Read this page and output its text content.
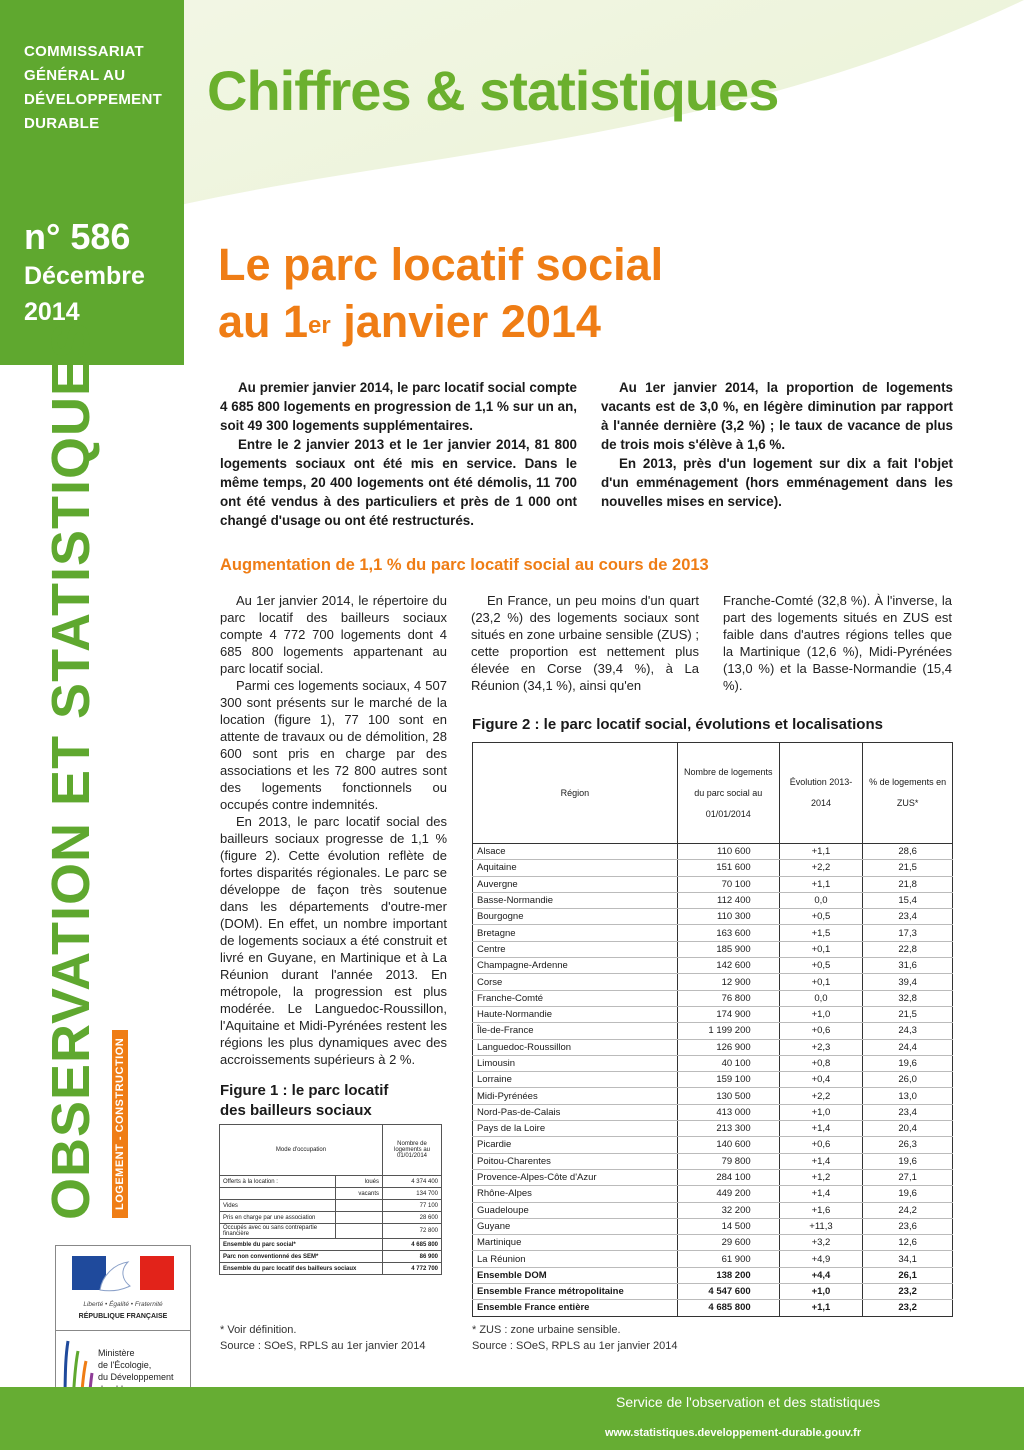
COMMISSARIAT
GÉNÉRAL AU
DÉVELOPPEMENT
DURABLE
Chiffres & statistiques
n° 586
Décembre
2014
Le parc locatif social
au 1er janvier 2014
OBSERVATION ET STATISTIQUES LOGEMENT - CONSTRUCTION
Liberté • Égalité • Fraternité
RÉPUBLIQUE FRANÇAISE
Ministère
de l'Écologie,
du Développement

Au premier janvier 2014, le parc locatif social compte 4 685 800 logements en progression de 1,1 % sur un an, soit 49 300 logements supplémentaires.

Entre le 2 janvier 2013 et le 1er janvier 2014, 81 800 logements sociaux ont été mis en service. Dans le même temps, 20 400 logements ont été démolis, 11 700 ont été vendus à des particuliers et près de 1 000 ont changé d'usage ou ont été restructurés.

Au 1er janvier 2014, la proportion de logements vacants est de 3,0 %, en légère diminution par rapport à l'année dernière (3,2 %) ; le taux de vacance de plus de trois mois s'élève à 1,6 %.

En 2013, près d'un logement sur dix a fait l'objet d'un emménagement (hors emménagement dans les nouvelles mises en service).

Augmentation de 1,1 % du parc locatif social au cours de 2013

Au 1er janvier 2014, le répertoire du parc locatif des bailleurs sociaux compte 4 772 700 logements dont 4 685 800 logements appartenant au parc locatif social.

Parmi ces logements sociaux, 4 507 300 sont présents sur le marché de la location (figure 1), 77 100 sont en attente de travaux ou de démolition, 28 600 sont pris en charge par des associations et les 72 800 autres sont des logements fonctionnels ou occupés contre indemnités.

En 2013, le parc locatif social des bailleurs sociaux progresse de 1,1 % (figure 2). Cette évolution reflète de fortes disparités régionales. Le parc se développe de façon très soutenue dans les départements d'outre-mer (DOM). En effet, un nombre important de logements sociaux a été construit et livré en Guyane, en Martinique et à La Réunion durant l'année 2013. En métropole, la progression est plus modérée. Le Languedoc-Roussillon, l'Aquitaine et Midi-Pyrénées restent les régions les plus dynamiques avec des accroissements supérieurs à 2 %.

En France, un peu moins d'un quart (23,2 %) des logements sociaux sont situés en zone urbaine sensible (ZUS) ; cette proportion est nettement plus élevée en Corse (39,4 %), à La Réunion (34,1 %), ainsi qu'en

Franche-Comté (32,8 %). À l'inverse, la part des logements situés en ZUS est faible dans d'autres régions telles que la Martinique (12,6 %), Midi-Pyrénées (13,0 %) et la Basse-Normandie (15,4 %).

Figure 1 : le parc locatif
des bailleurs sociaux
Mode d'occupation		Nombre de logements au 01/01/2014
Offerts à la location :	loués	4 374 400
	vacants	134 700
Vides		77 100
Pris en charge par une association		28 600
Occupés avec ou sans contrepartie financière		72 800
Ensemble du parc social*		4 685 800
Parc non conventionné des SEM*		86 900
Ensemble du parc locatif des bailleurs sociaux		4 772 700
* Voir définition.
Source : SOeS, RPLS au 1er janvier 2014
Figure 2 : le parc locatif social, évolutions et localisations
Région	Nombre de logements du parc social au 01/01/2014	Évolution 2013-2014	% de logements en ZUS*
Alsace	110 600	+1,1	28,6
Aquitaine	151 600	+2,2	21,5
Auvergne	70 100	+1,1	21,8
Basse-Normandie	112 400	0,0	15,4
Bourgogne	110 300	+0,5	23,4
Bretagne	163 600	+1,5	17,3
Centre	185 900	+0,1	22,8
Champagne-Ardenne	142 600	+0,5	31,6
Corse	12 900	+0,1	39,4
Franche-Comté	76 800	0,0	32,8
Haute-Normandie	174 900	+1,0	21,5
Île-de-France	1 199 200	+0,6	24,3
Languedoc-Roussillon	126 900	+2,3	24,4
Limousin	40 100	+0,8	19,6
Lorraine	159 100	+0,4	26,0
Midi-Pyrénées	130 500	+2,2	13,0
Nord-Pas-de-Calais	413 000	+1,0	23,4
Pays de la Loire	213 300	+1,4	20,4
Picardie	140 600	+0,6	26,3
Poitou-Charentes	79 800	+1,4	19,6
Provence-Alpes-Côte d'Azur	284 100	+1,2	27,1
Rhône-Alpes	449 200	+1,4	19,6
Guadeloupe	32 200	+1,6	24,2
Guyane	14 500	+11,3	23,6
Martinique	29 600	+3,2	12,6
La Réunion	61 900	+4,9	34,1
Ensemble DOM	138 200	+4,4	26,1
Ensemble France métropolitaine	4 547 600	+1,0	23,2
Ensemble France entière	4 685 800	+1,1	23,2
* ZUS : zone urbaine sensible.
Source : SOeS, RPLS au 1er janvier 2014
Service de l'observation et des statistiques
www.statistiques.developpement-durable.gouv.fr
